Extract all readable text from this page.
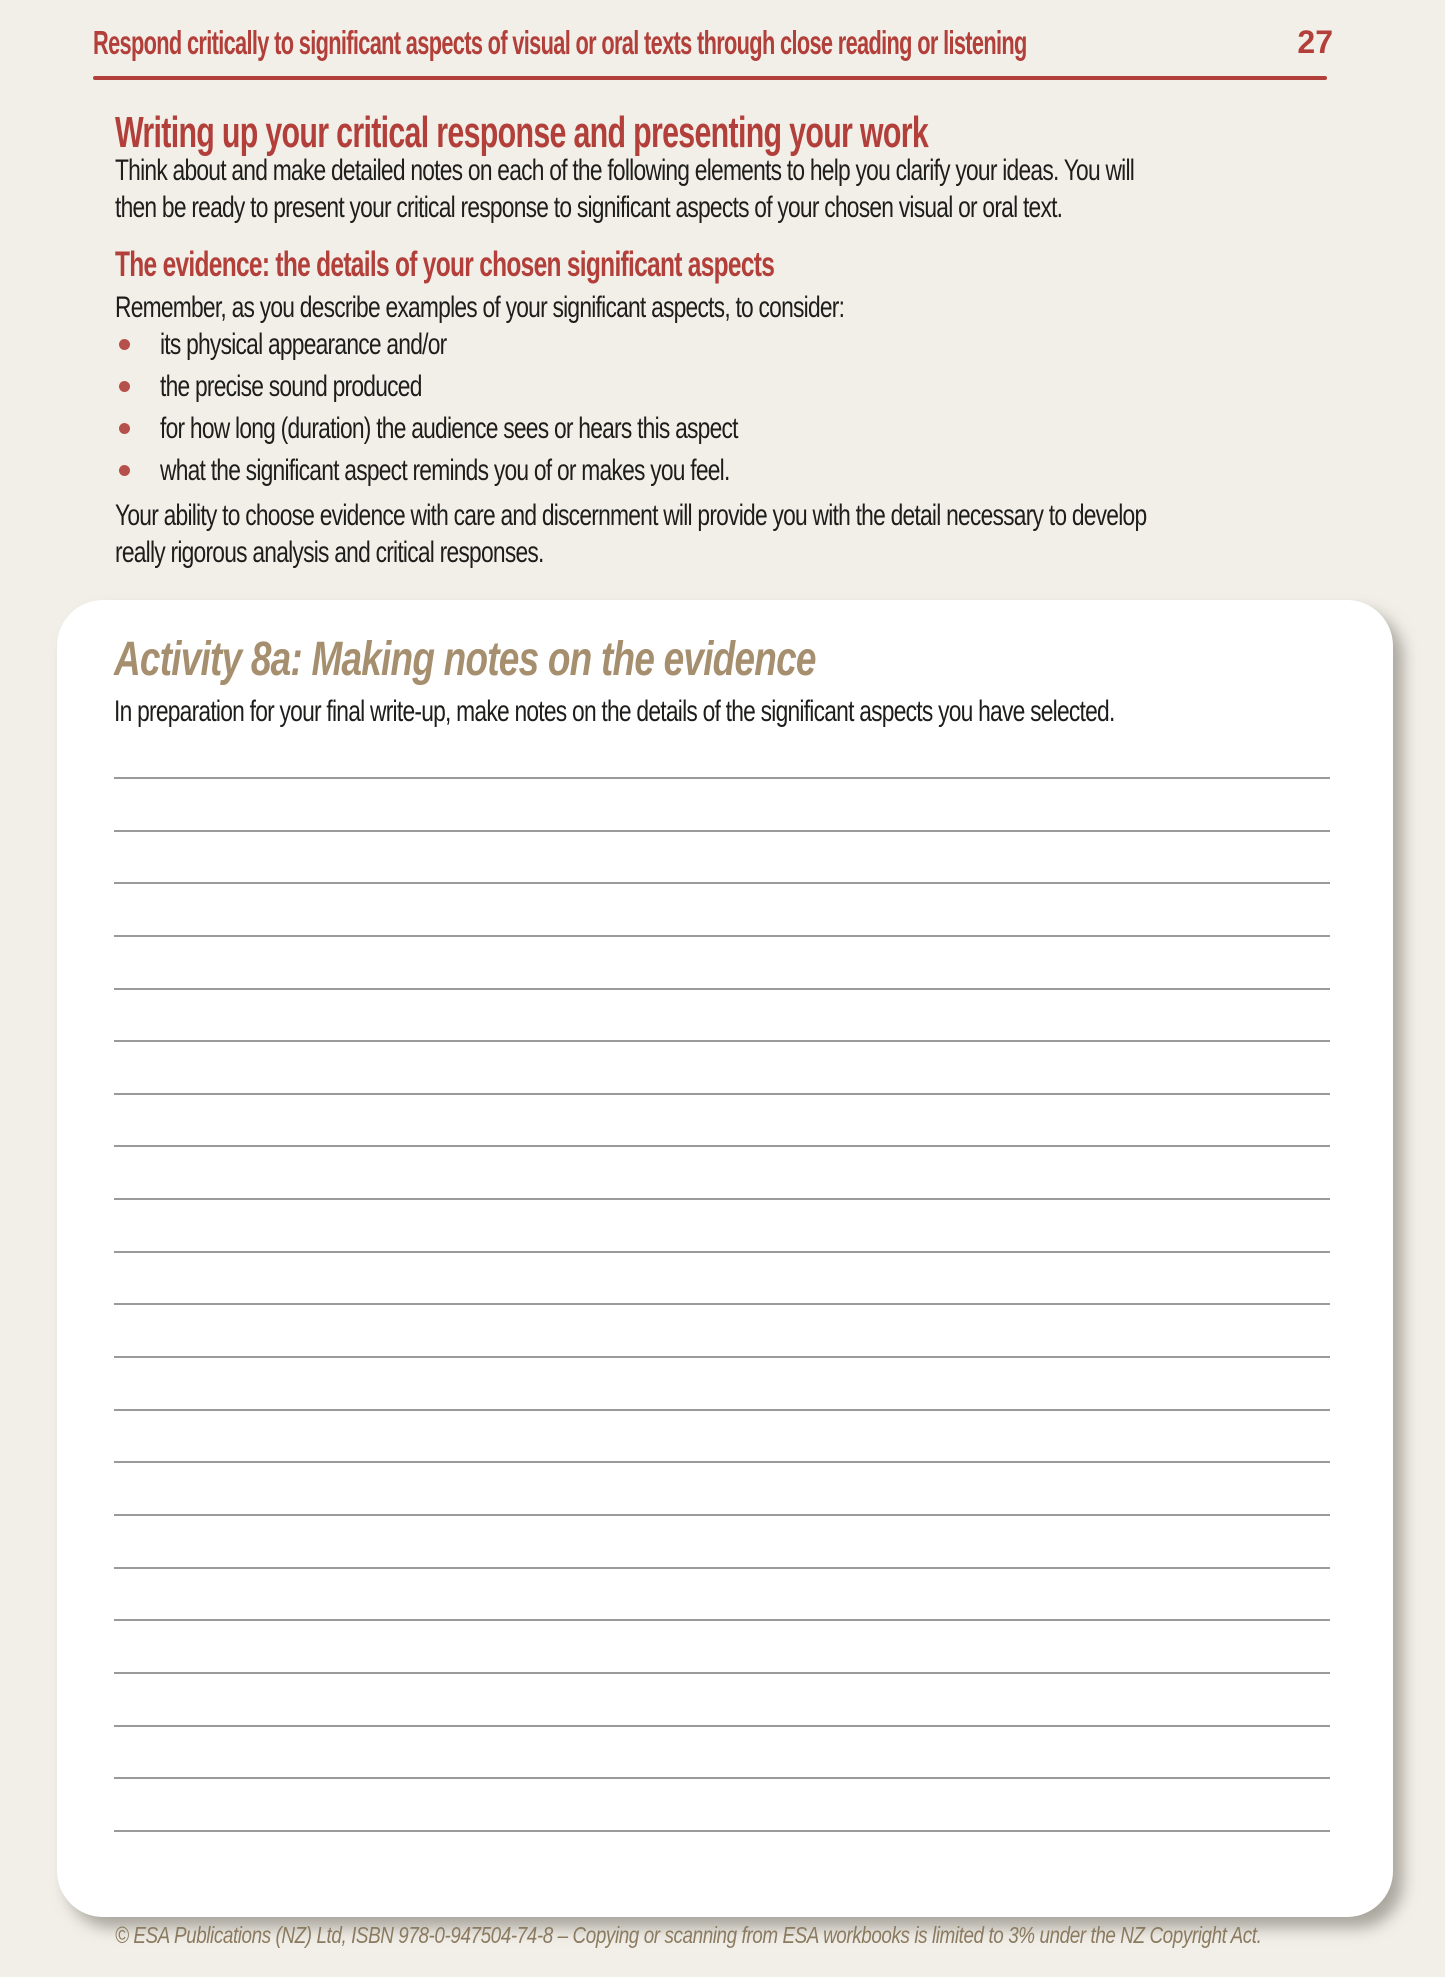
Respond critically to significant aspects of visual or oral texts through close reading or listening	27
Writing up your critical response and presenting your work
Think about and make detailed notes on each of the following elements to help you clarify your ideas. You will
then be ready to present your critical response to significant aspects of your chosen visual or oral text.
The evidence: the details of your chosen significant aspects
Remember, as you describe examples of your significant aspects, to consider:
its physical appearance and/or
the precise sound produced
for how long (duration) the audience sees or hears this aspect
what the significant aspect reminds you of or makes you feel.
Your ability to choose evidence with care and discernment will provide you with the detail necessary to develop
really rigorous analysis and critical responses.
Activity 8a: Making notes on the evidence
In preparation for your final write-up, make notes on the details of the significant aspects you have selected.
© ESA Publications (NZ) Ltd, ISBN 978-0-947504-74-8 – Copying or scanning from ESA workbooks is limited to 3% under the NZ Copyright Act.
